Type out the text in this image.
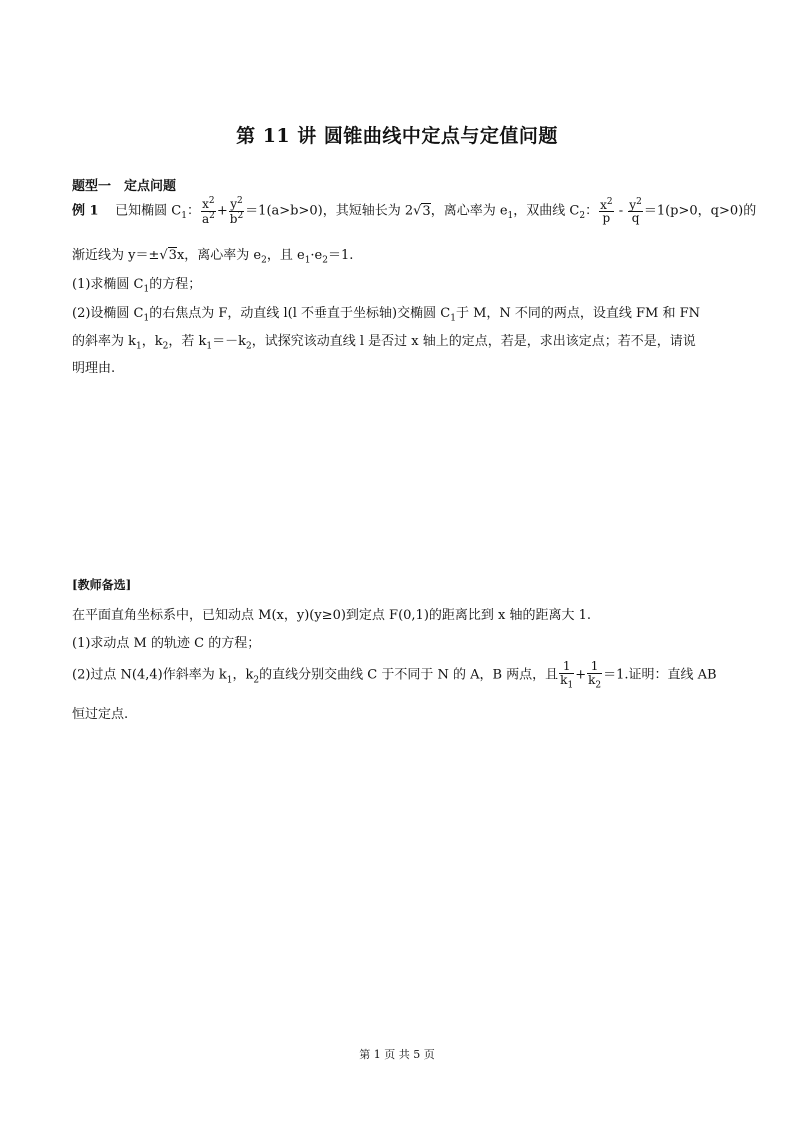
第 11 讲 圆锥曲线中定点与定值问题
题型一　定点问题
例 1 已知椭圆 $C_1$： $\frac{x^2}{a^2} + \frac{y^2}{b^2} =1(a>b>0)$，其短轴长为 2√3，离心率为 $e_1$，双曲线 $C_2$： $\frac{x^2}{p} - \frac{y^2}{q} =1(p>0$，q>0)的
渐近线为 y＝±√3x，离心率为 $e_2$，且 $e_1\cdot e_2=1$.
(1)求椭圆 $C_1$的方程；
(2)设椭圆 $C_1$的右焦点为 F，动直线 l(l 不垂直于坐标轴)交椭圆 $C_1$于 M，N 不同的两点，设直线 FM 和 FN
的斜率为 $k_1$，$k_2$，若 $k_1=-k_2$，试探究该动直线 l 是否过 x 轴上的定点，若是，求出该定点；若不是，请说
明理由.
[教师备选]
在平面直角坐标系中，已知动点 M(x，y)(y≥0)到定点 F(0,1)的距离比到 x 轴的距离大 1.
(1)求动点 M 的轨迹 C 的方程；
(2)过点 N(4,4)作斜率为 $k_1$，$k_2$的直线分别交曲线 C 于不同于 N 的 A，B 两点，且 $\frac{1}{k_1} + \frac{1}{k_2} =1$.证明：直线 AB
恒过定点.
第 1 页 共 5 页
